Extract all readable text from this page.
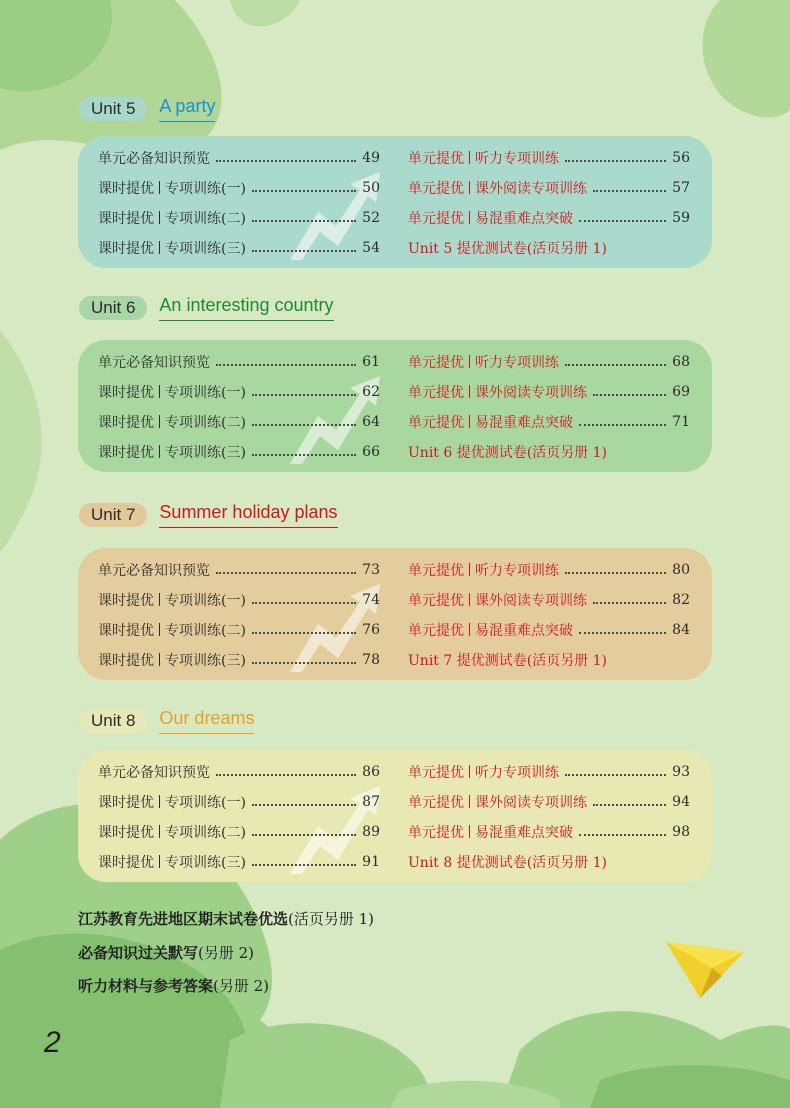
Unit 5	A party
单元必备知识预览	49 单元提优 听力专项训练	56
课时提优 专项训练(一)	50 单元提优 课外阅读专项训练	57
课时提优 专项训练(二)	52 单元提优 易混重难点突破	59
课时提优 专项训练(三)	54 Unit 5 提优测试卷(活页另册 1)
Unit 6	An interesting country
单元必备知识预览	61 单元提优 听力专项训练	68
课时提优 专项训练(一)	62 单元提优 课外阅读专项训练	69
课时提优 专项训练(二)	64 单元提优 易混重难点突破	71
课时提优 专项训练(三)	66 Unit 6 提优测试卷(活页另册 1)
Unit 7	Summer holiday plans
单元必备知识预览	73 单元提优 听力专项训练	80
课时提优 专项训练(一)	74 单元提优 课外阅读专项训练	82
课时提优 专项训练(二)	76 单元提优 易混重难点突破	84
课时提优 专项训练(三)	78 Unit 7 提优测试卷(活页另册 1)
Unit 8	Our dreams
单元必备知识预览	86 单元提优 听力专项训练	93
课时提优 专项训练(一)	87 单元提优 课外阅读专项训练	94
课时提优 专项训练(二)	89 单元提优 易混重难点突破	98
课时提优 专项训练(三)	91 Unit 8 提优测试卷(活页另册 1)
江苏教育先进地区期末试卷优选(活页另册 1)
必备知识过关默写(另册 2)
听力材料与参考答案(另册 2)
2
